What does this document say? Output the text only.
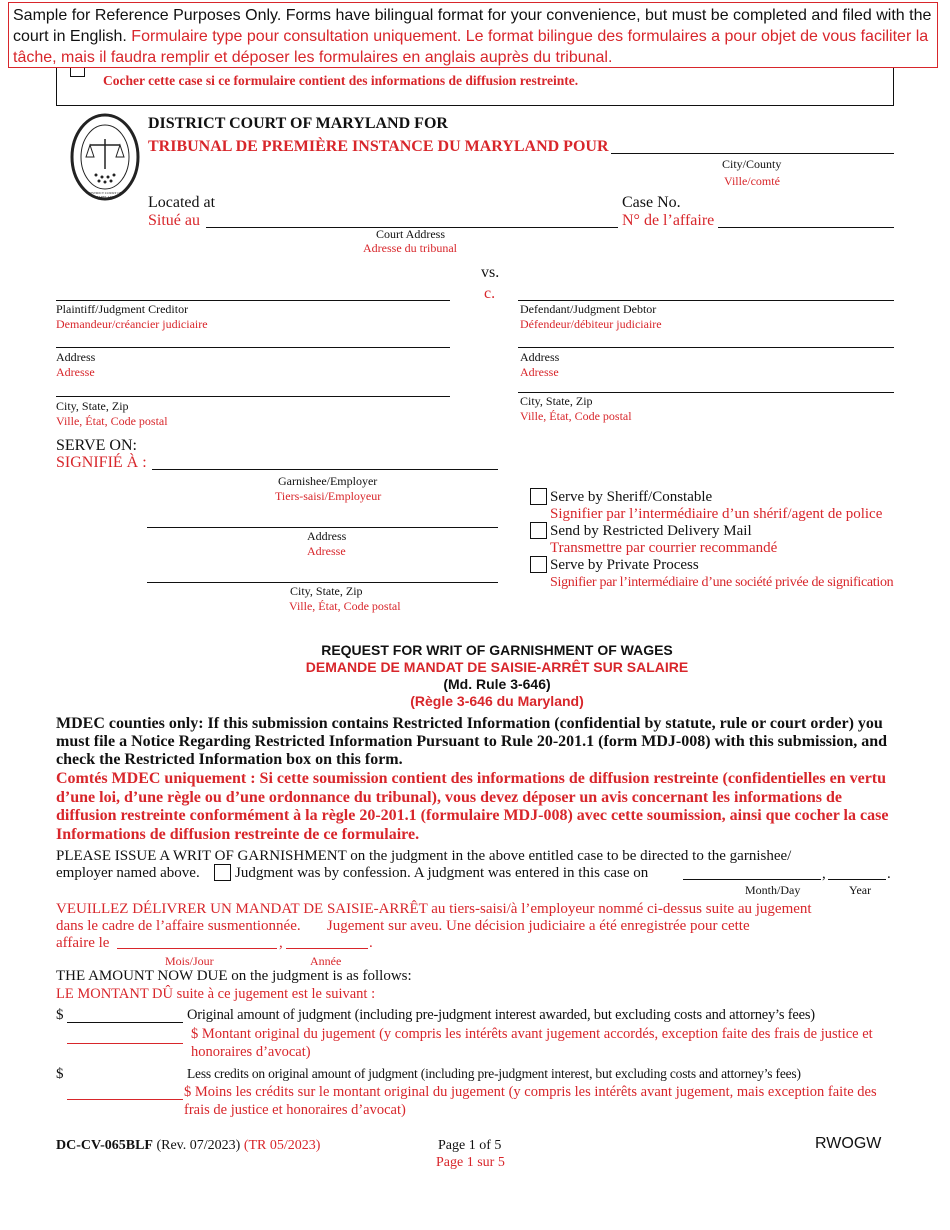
Cocher cette case si ce formulaire contient des informations de diffusion restreinte.
Sample for Reference Purposes Only. Forms have bilingual format for your convenience, but must be completed and filed with the court in English. Formulaire type pour consultation uniquement. Le format bilingue des formulaires a pour objet de vous faciliter la tâche, mais il faudra remplir et déposer les formulaires en anglais auprès du tribunal.
DISTRICT COURT OF MARYLAND
DISTRICT COURT OF MARYLAND FOR
TRIBUNAL DE PREMIÈRE INSTANCE DU MARYLAND POUR
City/County
Ville/comté
Located at
Situé au
Court Address
Adresse du tribunal
Case No.
N° de l’affaire
vs.
c.
Plaintiff/Judgment Creditor
Demandeur/créancier judiciaire
Address
Adresse
City, State, Zip
Ville, État, Code postal
Defendant/Judgment Debtor
Défendeur/débiteur judiciaire
Address
Adresse
City, State, Zip
Ville, État, Code postal
SERVE ON:
SIGNIFIÉ À :
Garnishee/Employer
Tiers-saisi/Employeur
Address
Adresse
City, State, Zip
Ville, État, Code postal
Serve by Sheriff/Constable
Signifier par l’intermédiaire d’un shérif/agent de police
Send by Restricted Delivery Mail
Transmettre par courrier recommandé
Serve by Private Process
Signifier par l’intermédiaire d’une société privée de signification
REQUEST FOR WRIT OF GARNISHMENT OF WAGES
DEMANDE DE MANDAT DE SAISIE-ARRÊT SUR SALAIRE
(Md. Rule 3-646)
(Règle 3-646 du Maryland)
MDEC counties only: If this submission contains Restricted Information (confidential by statute, rule or court order) you must file a Notice Regarding Restricted Information Pursuant to Rule 20-201.1 (form MDJ-008) with this submission, and check the Restricted Information box on this form.
Comtés MDEC uniquement : Si cette soumission contient des informations de diffusion restreinte (confidentielles en vertu d’une loi, d’une règle ou d’une ordonnance du tribunal), vous devez déposer un avis concernant les informations de diffusion restreinte conformément à la règle 20-201.1 (formulaire MDJ-008) avec cette soumission, ainsi que cocher la case Informations de diffusion restreinte de ce formulaire.
PLEASE ISSUE A WRIT OF GARNISHMENT on the judgment in the above entitled case to be directed to the garnishee/
employer named above. Judgment was by confession. A judgment was entered in this case on	,	.
Month/Day	Year
VEUILLEZ DÉLIVRER UN MANDAT DE SAISIE-ARRÊT au tiers-saisi/à l’employeur nommé ci-dessus suite au jugement
dans le cadre de l’affaire susmentionnée.       Jugement sur aveu. Une décision judiciaire a été enregistrée pour cette
affaire le	,	.
Mois/Jour	Année
THE AMOUNT NOW DUE on the judgment is as follows:
LE MONTANT DÛ suite à ce jugement est le suivant :
$	Original amount of judgment (including pre-judgment interest awarded, but excluding costs and attorney’s fees)
$ Montant original du jugement (y compris les intérêts avant jugement accordés, exception faite des frais de justice et honoraires d’avocat)
$	Less credits on original amount of judgment (including pre-judgment interest, but excluding costs and attorney’s fees)
$ Moins les crédits sur le montant original du jugement (y compris les intérêts avant jugement, mais exception faite des frais de justice et honoraires d’avocat)
DC-CV-065BLF (Rev. 07/2023) (TR 05/2023)	Page 1 of 5
Page 1 sur 5
RWOGW
